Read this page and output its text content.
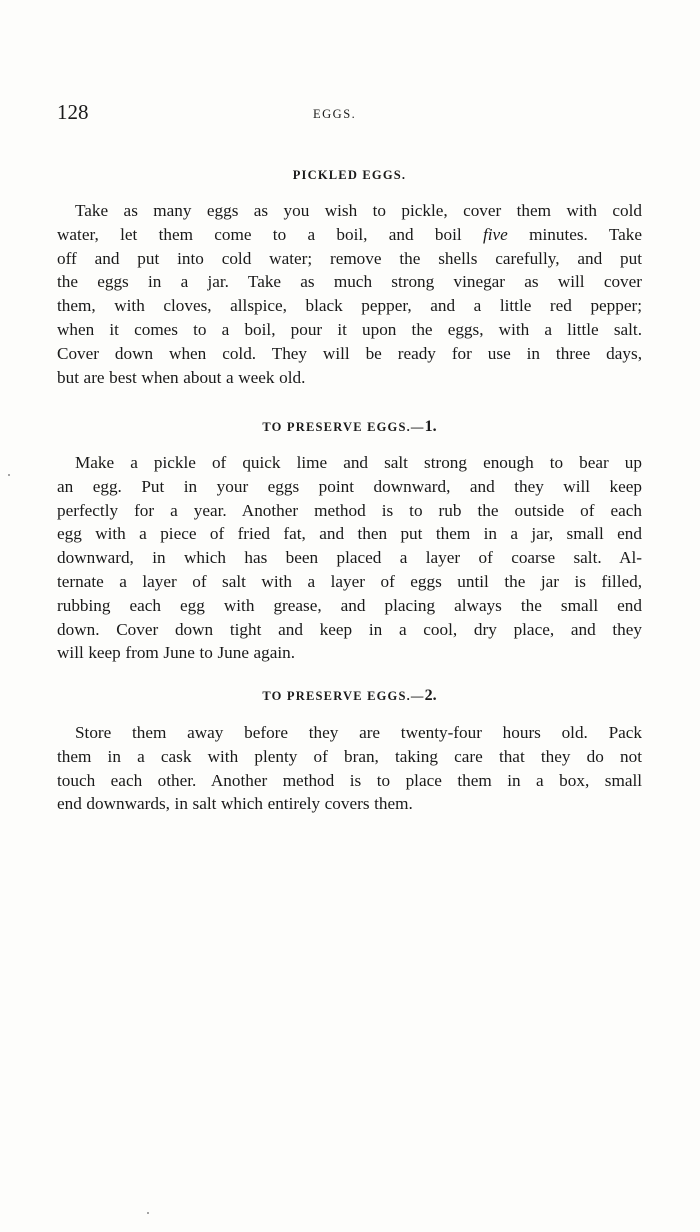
128	EGGS.
PICKLED EGGS.

Take as many eggs as you wish to pickle, cover them with cold
water, let them come to a boil, and boil five minutes. Take
off and put into cold water; remove the shells carefully, and put
the eggs in a jar. Take as much strong vinegar as will cover
them, with cloves, allspice, black pepper, and a little red pepper;
when it comes to a boil, pour it upon the eggs, with a little salt.
Cover down when cold. They will be ready for use in three days,
but are best when about a week old.

TO PRESERVE EGGS.—1.

Make a pickle of quick lime and salt strong enough to bear up
an egg. Put in your eggs point downward, and they will keep
perfectly for a year. Another method is to rub the outside of each
egg with a piece of fried fat, and then put them in a jar, small end
downward, in which has been placed a layer of coarse salt. Al-
ternate a layer of salt with a layer of eggs until the jar is filled,
rubbing each egg with grease, and placing always the small end
down. Cover down tight and keep in a cool, dry place, and they
will keep from June to June again.

TO PRESERVE EGGS.—2.

Store them away before they are twenty-four hours old. Pack
them in a cask with plenty of bran, taking care that they do not
touch each other. Another method is to place them in a box, small
end downwards, in salt which entirely covers them.
